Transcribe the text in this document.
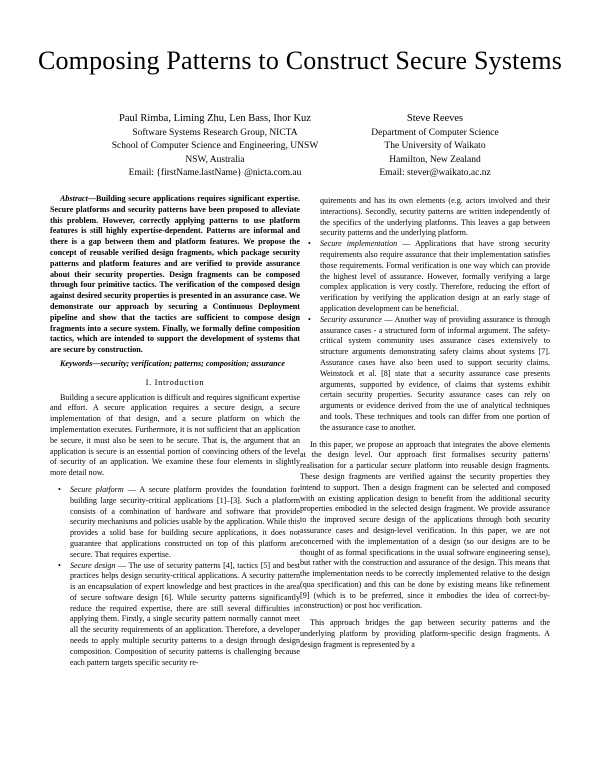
Composing Patterns to Construct Secure Systems
Paul Rimba, Liming Zhu, Len Bass, Ihor Kuz
Software Systems Research Group, NICTA
School of Computer Science and Engineering, UNSW
NSW, Australia
Email: {firstName.lastName} @nicta.com.au
Steve Reeves
Department of Computer Science
The University of Waikato
Hamilton, New Zealand
Email: stever@waikato.ac.nz

Abstract—Building secure applications requires significant expertise. Secure platforms and security patterns have been proposed to alleviate this problem. However, correctly applying patterns to use platform features is still highly expertise-dependent. Patterns are informal and there is a gap between them and platform features. We propose the concept of reusable verified design fragments, which package security patterns and platform features and are verified to provide assurance about their security properties. Design fragments can be composed through four primitive tactics. The verification of the composed design against desired security properties is presented in an assurance case. We demonstrate our approach by securing a Continuous Deployment pipeline and show that the tactics are sufficient to compose design fragments into a secure system. Finally, we formally define composition tactics, which are intended to support the development of systems that are secure by construction.

Keywords—security; verification; patterns; composition; assurance

I. Introduction

Building a secure application is difficult and requires significant expertise and effort. A secure application requires a secure design, a secure implementation of that design, and a secure platform on which the implementation executes. Furthermore, it is not sufficient that an application be secure, it must also be seen to be secure. That is, the argument that an application is secure is an essential portion of convincing others of the level of security of an application. We examine these four elements in slightly more detail now.

• Secure platform — A secure platform provides the foundation for building large security-critical applications [1]–[3]. Such a platform consists of a combination of hardware and software that provide security mechanisms and policies usable by the application. While this provides a solid base for building secure applications, it does not guarantee that applications constructed on top of this platform are secure. That requires expertise.

• Secure design — The use of security patterns [4], tactics [5] and best practices helps design security-critical applications. A security pattern is an encapsulation of expert knowledge and best practices in the area of secure software design [6]. While security patterns significantly reduce the required expertise, there are still several difficulties in applying them. Firstly, a single security pattern normally cannot meet all the security requirements of an application. Therefore, a developer needs to apply multiple security patterns to a design through design composition. Composition of security patterns is challenging because each pattern targets specific security re-

quirements and has its own elements (e.g. actors involved and their interactions). Secondly, security patterns are written independently of the specifics of the underlying platforms. This leaves a gap between security patterns and the underlying platform.

• Secure implementation — Applications that have strong security requirements also require assurance that their implementation satisfies those requirements. Formal verification is one way which can provide the highest level of assurance. However, formally verifying a large complex application is very costly. Therefore, reducing the effort of verification by verifying the application design at an early stage of application development can be beneficial.

• Security assurance — Another way of providing assurance is through assurance cases - a structured form of informal argument. The safety-critical system community uses assurance cases extensively to structure arguments demonstrating safety claims about systems [7]. Assurance cases have also been used to support security claims. Weinstock et al. [8] state that a security assurance case presents arguments, supported by evidence, of claims that systems exhibit certain security properties. Security assurance cases can rely on arguments or evidence derived from the use of analytical techniques and tools. These techniques and tools can differ from one portion of the assurance case to another.

In this paper, we propose an approach that integrates the above elements at the design level. Our approach first formalises security patterns' realisation for a particular secure platform into reusable design fragments. These design fragments are verified against the security properties they intend to support. Then a design fragment can be selected and composed with an existing application design to benefit from the additional security properties embodied in the selected design fragment. We provide assurance to the improved secure design of the applications through both security assurance cases and design-level verification. In this paper, we are not concerned with the implementation of a design (so our designs are to be thought of as formal specifications in the usual software engineering sense), but rather with the construction and assurance of the design. This means that the implementation needs to be correctly implemented relative to the design (qua specification) and this can be done by existing means like refinement [9] (which is to be preferred, since it embodies the idea of correct-by-construction) or post hoc verification.

This approach bridges the gap between security patterns and the underlying platform by providing platform-specific design fragments. A design fragment is represented by a
